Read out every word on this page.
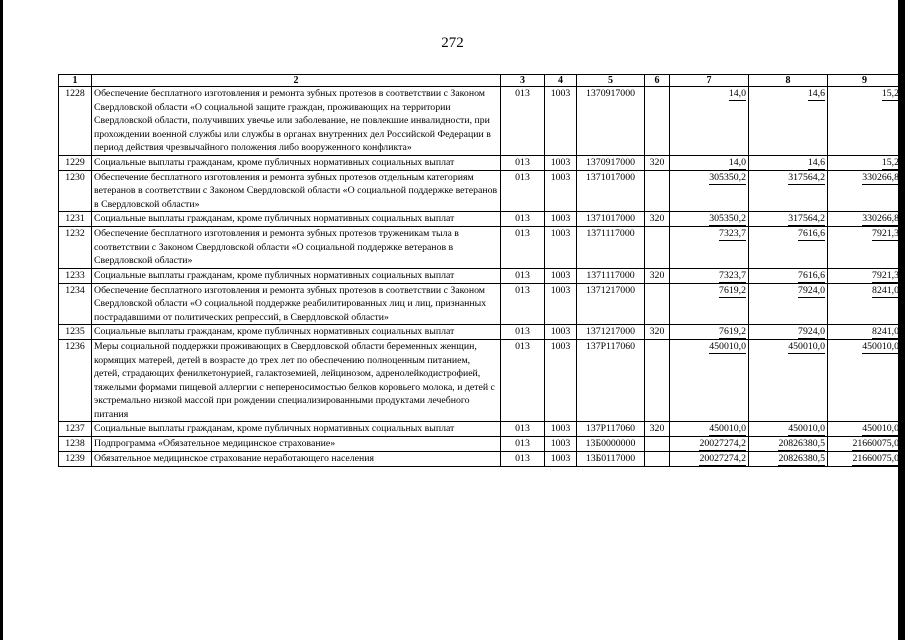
272
1	2	3	4	5	6	7	8	9
1228	Обеспечение бесплатного изготовления и ремонта зубных протезов в соответствии с Законом Свердловской области «О социальной защите граждан, проживающих на территории Свердловской области, получивших увечье или заболевание, не повлекшие инвалидности, при прохождении военной службы или службы в органах внутренних дел Российской Федерации в период действия чрезвычайного положения либо вооруженного конфликта»	013	1003	1370917000		14,0	14,6	15,2
1229	Социальные выплаты гражданам, кроме публичных нормативных социальных выплат	013	1003	1370917000	320	14,0	14,6	15,2
1230	Обеспечение бесплатного изготовления и ремонта зубных протезов отдельным категориям ветеранов в соответствии с Законом Свердловской области «О социальной поддержке ветеранов в Свердловской области»	013	1003	1371017000		305350,2	317564,2	330266,8
1231	Социальные выплаты гражданам, кроме публичных нормативных социальных выплат	013	1003	1371017000	320	305350,2	317564,2	330266,8
1232	Обеспечение бесплатного изготовления и ремонта зубных протезов труженикам тыла в соответствии с Законом Свердловской области «О социальной поддержке ветеранов в Свердловской области»	013	1003	1371117000		7323,7	7616,6	7921,3
1233	Социальные выплаты гражданам, кроме публичных нормативных социальных выплат	013	1003	1371117000	320	7323,7	7616,6	7921,3
1234	Обеспечение бесплатного изготовления и ремонта зубных протезов в соответствии с Законом Свердловской области «О социальной поддержке реабилитированных лиц и лиц, признанных пострадавшими от политических репрессий, в Свердловской области»	013	1003	1371217000		7619,2	7924,0	8241,0
1235	Социальные выплаты гражданам, кроме публичных нормативных социальных выплат	013	1003	1371217000	320	7619,2	7924,0	8241,0
1236	Меры социальной поддержки проживающих в Свердловской области беременных женщин, кормящих матерей, детей в возрасте до трех лет по обеспечению полноценным питанием, детей, страдающих фенилкетонурией, галактоземией, лейцинозом, адренолейкодистрофией, тяжелыми формами пищевой аллергии с непереносимостью белков коровьего молока, и детей с экстремально низкой массой при рождении специализированными продуктами лечебного питания	013	1003	137Р117060		450010,0	450010,0	450010,0
1237	Социальные выплаты гражданам, кроме публичных нормативных социальных выплат	013	1003	137Р117060	320	450010,0	450010,0	450010,0
1238	Подпрограмма «Обязательное медицинское страхование»	013	1003	13Б0000000		20027274,2	20826380,5	21660075,0
1239	Обязательное медицинское страхование неработающего населения	013	1003	13Б0117000		20027274,2	20826380,5	21660075,0
